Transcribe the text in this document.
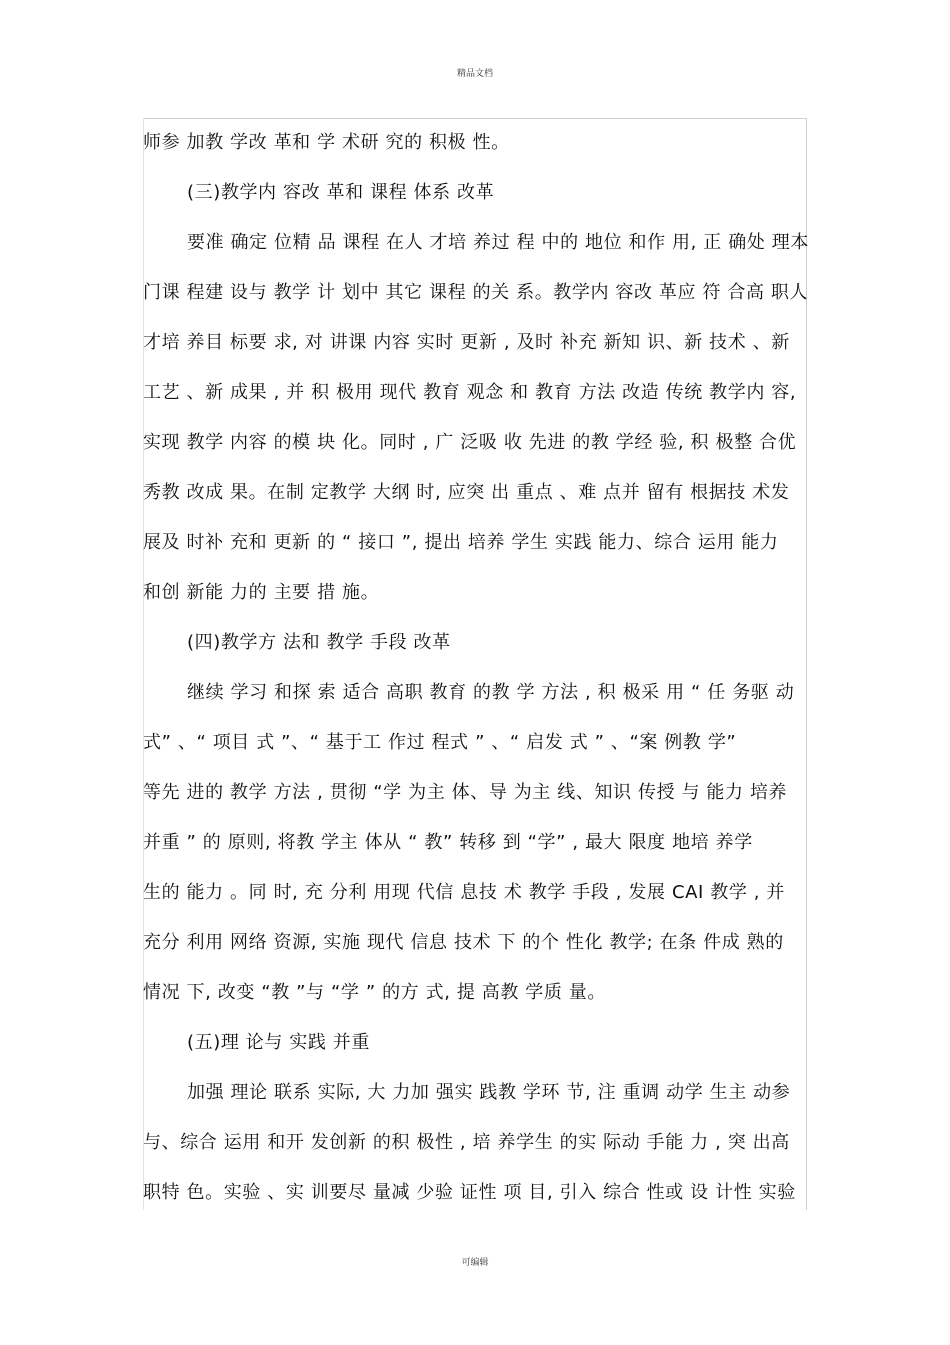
精品文档
师参 加教 学改 革和 学 术研 究的 积极 性。
(三)教学内 容改 革和 课程 体系 改革
要准 确定 位精 品 课程 在人 才培 养过 程 中的 地位 和作 用, 正 确处 理本
门课 程建 设与 教学 计 划中 其它 课程 的关 系。教学内 容改 革应 符 合高 职人
才培 养目 标要 求, 对 讲课 内容 实时 更新 , 及时 补充 新知 识、新 技术 、新
工艺 、新 成果 , 并 积 极用 现代 教育 观念 和 教育 方法 改造 传统 教学内 容,
实现 教学 内容 的模 块 化。同时 , 广 泛吸 收 先进 的教 学经 验, 积 极整 合优
秀教 改成 果。在制 定教学 大纲 时, 应突 出 重点 、难 点并 留有 根据技 术发
展及 时补 充和 更新 的 “ 接口 ”, 提出 培养 学生 实践 能力、综合 运用 能力
和创 新能 力的 主要 措 施。
(四)教学方 法和 教学 手段 改革
继续 学习 和探 索 适合 高职 教育 的教 学 方法 , 积 极采 用 “ 任 务驱 动
式” 、“ 项目 式 ”、“ 基于工 作过 程式 ” 、“ 启发 式 ” 、“案 例教 学”
等先 进的 教学 方法 , 贯彻 “学 为主 体、导 为主 线、知识 传授 与 能力 培养
并重 ” 的 原则, 将教 学主 体从 “ 教” 转移 到 “学” , 最大 限度 地培 养学
生的 能力 。同 时, 充 分利 用现 代信 息技 术 教学 手段 , 发展 CAI 教学 , 并
充分 利用 网络 资源, 实施 现代 信息 技术 下 的个 性化 教学; 在条 件成 熟的
情况 下, 改变 “教 ”与 “学 ” 的方 式, 提 高教 学质 量。
(五)理 论与 实践 并重
加强 理论 联系 实际, 大 力加 强实 践教 学环 节, 注 重调 动学 生主 动参
与、综合 运用 和开 发创新 的积 极性 , 培 养学生 的实 际动 手能 力 , 突 出高
职特 色。实验 、实 训要尽 量减 少验 证性 项 目, 引入 综合 性或 设 计性 实验
可编辑
